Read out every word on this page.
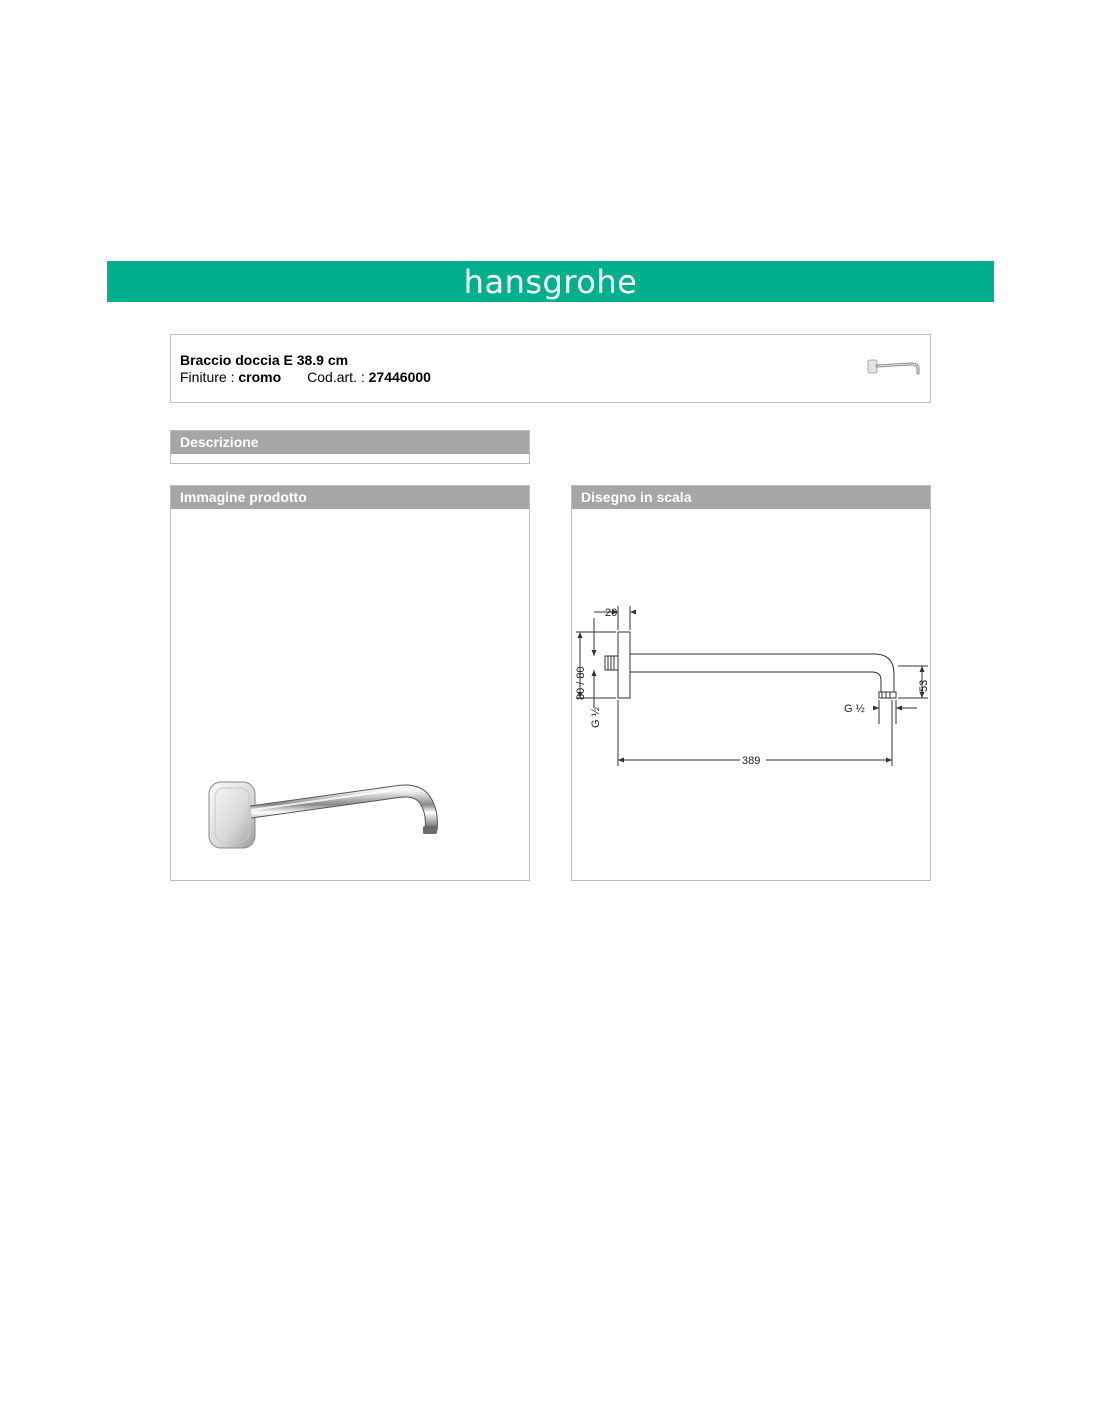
hansgrohe
Braccio doccia E 38.9 cm
Finiture : cromo Cod.art. : 27446000
Descrizione
Immagine prodotto	Disegno in scala
20
80 / 80
G ½
53
G ½
389
